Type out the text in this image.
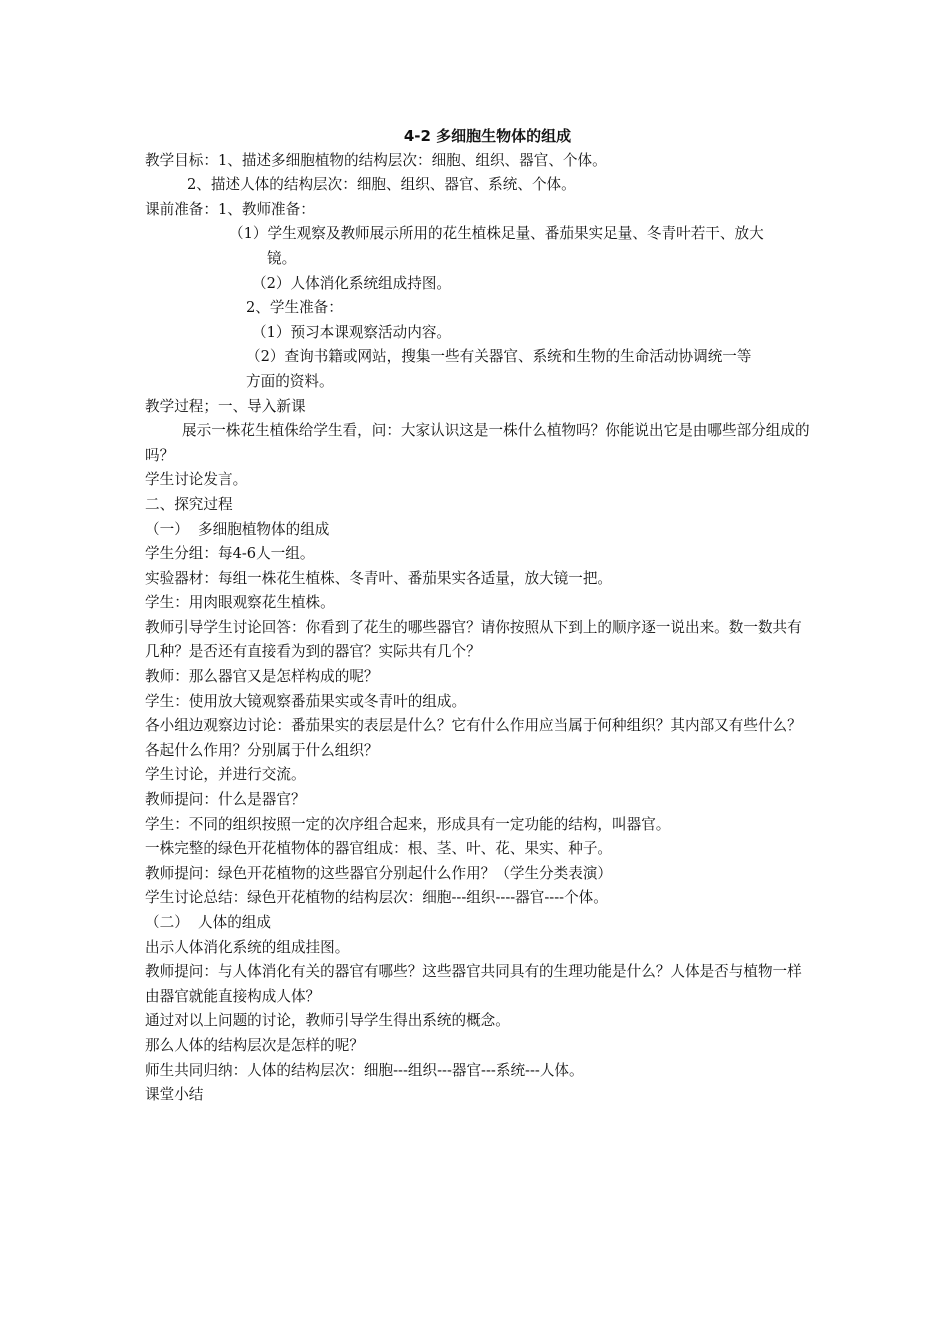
4-2 多细胞生物体的组成
教学目标：1、描述多细胞植物的结构层次：细胞、组织、器官、个体。
2、描述人体的结构层次：细胞、组织、器官、系统、个体。
课前准备：1、教师准备：
（1）学生观察及教师展示所用的花生植株足量、番茄果实足量、冬青叶若干、放大
镜。
（2）人体消化系统组成持图。
2、学生准备：
（1）预习本课观察活动内容。
（2）查询书籍或网站，搜集一些有关器官、系统和生物的生命活动协调统一等
方面的资料。
教学过程；一、导入新课
展示一株花生植侏给学生看，问：大家认识这是一株什么植物吗？你能说出它是由哪些部分组成的吗？
学生讨论发言。
二、探究过程
（一）  多细胞植物体的组成
学生分组：每4-6人一组。
实验器材：每组一株花生植株、冬青叶、番茄果实各适量，放大镜一把。
学生：用肉眼观察花生植株。
教师引导学生讨论回答：你看到了花生的哪些器官？请你按照从下到上的顺序逐一说出来。数一数共有几种？是否还有直接看为到的器官？实际共有几个？
教师：那么器官又是怎样构成的呢？
学生：使用放大镜观察番茄果实或冬青叶的组成。
各小组边观察边讨论：番茄果实的表层是什么？它有什么作用应当属于何种组织？其内部又有些什么？各起什么作用？分别属于什么组织？
学生讨论，并进行交流。
教师提问：什么是器官？
学生：不同的组织按照一定的次序组合起来，形成具有一定功能的结构，叫器官。
一株完整的绿色开花植物体的器官组成：根、茎、叶、花、果实、种子。
教师提问：绿色开花植物的这些器官分别起什么作用？（学生分类表演）
学生讨论总结：绿色开花植物的结构层次：细胞---组织----器官----个体。
（二）  人体的组成
出示人体消化系统的组成挂图。
教师提问：与人体消化有关的器官有哪些？这些器官共同具有的生理功能是什么？人体是否与植物一样由器官就能直接构成人体？
通过对以上问题的讨论，教师引导学生得出系统的概念。
那么人体的结构层次是怎样的呢？
师生共同归纳：人体的结构层次：细胞---组织---器官---系统---人体。
课堂小结
